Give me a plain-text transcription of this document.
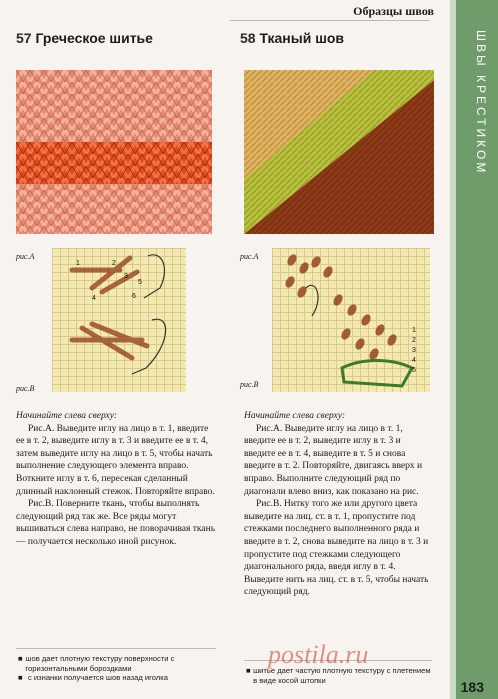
ШВЫ КРЕСТИКОМ
Образцы швов
57 Греческое шитье
рис.А
1	2
3
4
5
6
рис.В

Начинайте слева сверху:

Рис.А. Выведите иглу на лицо в т. 1, введите ее в т. 2, выведите иглу в т. 3 и введите ее в т. 4, затем выведите иглу на лицо в т. 5, чтобы начать выполнение следующего элемента вправо. Воткните иглу в т. 6, пересекая сделанный длинный наклонный стежок. Повторяйте вправо.

Рис.В. Поверните ткань, чтобы выполнять следующий ряд так же. Все ряды могут вышиваться слева направо, не поворачивая ткань — получается несколько иной рисунок.

■ шов дает плотную текстуру поверхности с горизонтальными бороздками
■ с изнанки получается шов назад иголка
58 Тканый шов
рис.А
1
2
3
4
5
рис.В

Начинайте слева сверху:

Рис.А. Выведите иглу на лицо в т. 1, введите ее в т. 2, выведите иглу в т. 3 и введите ее в т. 4, выведите в т. 5 и снова введите в т. 2. Повторяйте, двигаясь вверх и вправо. Выполните следующий ряд по диагонали влево вниз, как показано на рис.

Рис.В. Нитку того же или другого цвета выведите на лиц. ст. в т. 1, пропустите под стежками последнего выполненного ряда и введите в т. 2, снова выведите на лицо в т. 3 и пропустите под стежками следующего диагонального ряда, введя иглу в т. 4. Выведите нить на лиц. ст. в т. 5, чтобы начать следующий ряд.

■ шитье дает частую плотную текстуру с плетением в виде косой штопки
postila.ru
183
